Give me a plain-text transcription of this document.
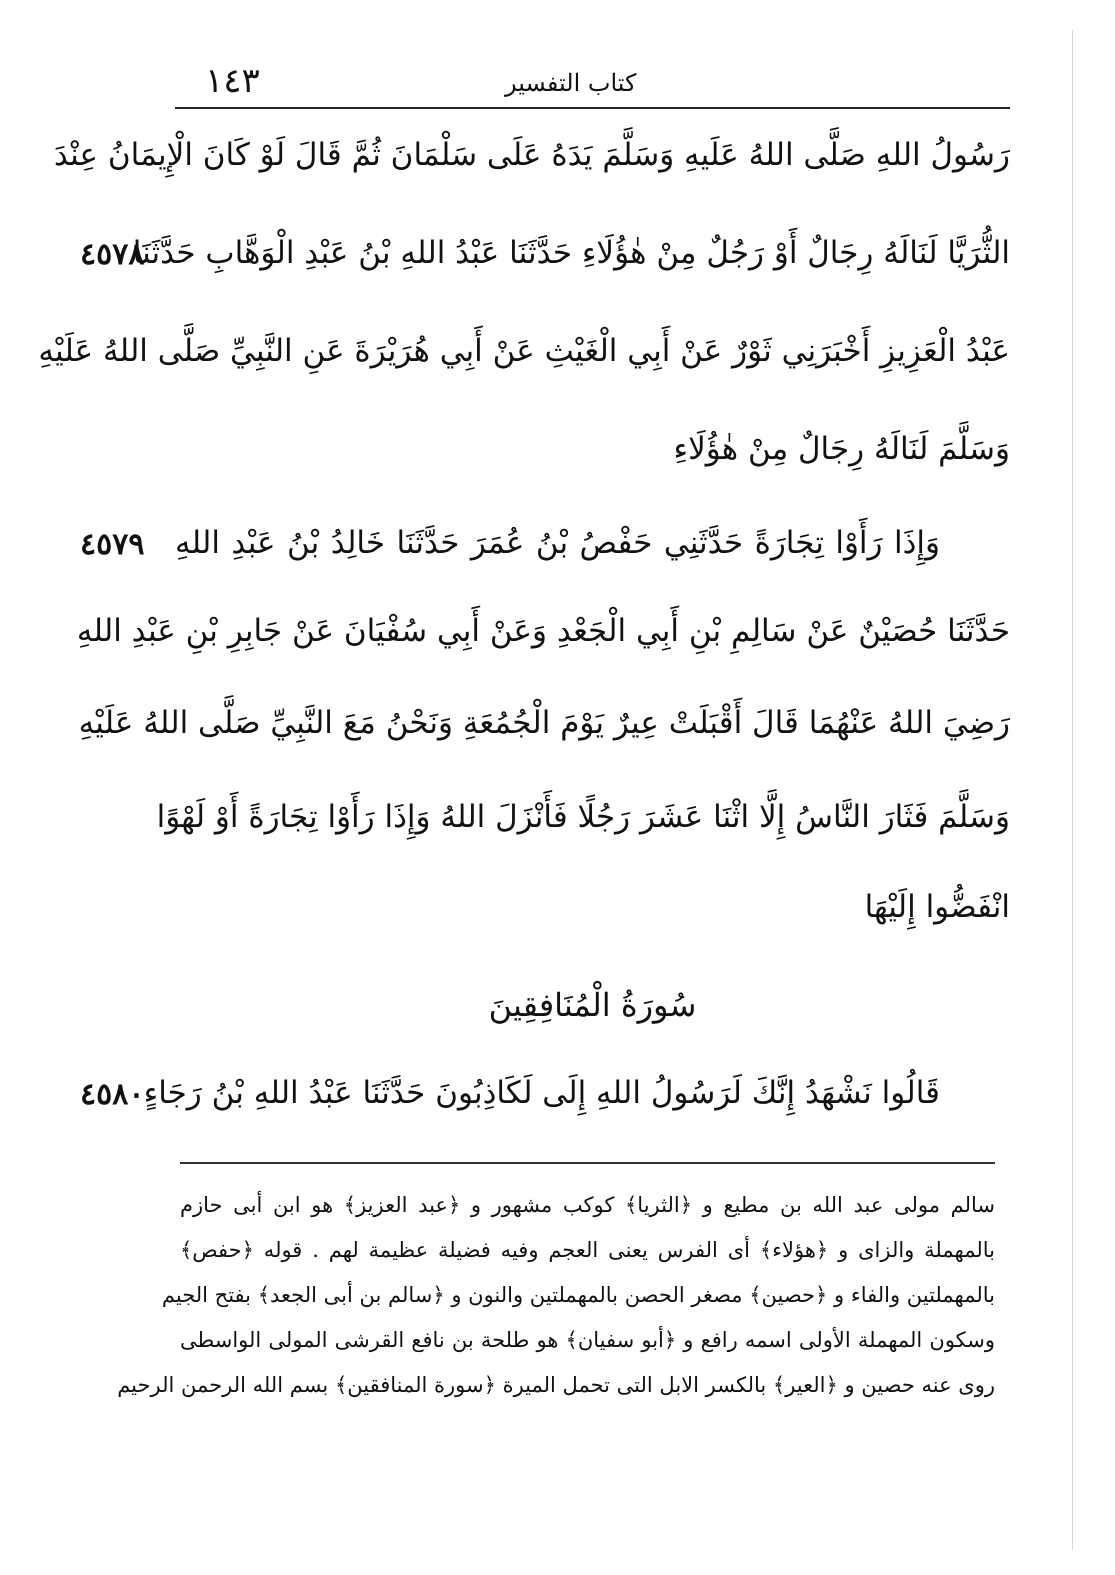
١٤٣	كتاب التفسير
رَسُولُ اللهِ صَلَّى اللهُ عَلَيهِ وَسَلَّمَ يَدَهُ عَلَى سَلْمَانَ ثُمَّ قَالَ لَوْ كَانَ الْإِيمَانُ عِنْدَ
٤٥٧٨
الثُّرَيَّا لَنَالَهُ رِجَالٌ أَوْ رَجُلٌ مِنْ هٰؤُلَاءِ حَدَّثَنَا عَبْدُ اللهِ بْنُ عَبْدِ الْوَهَّابِ حَدَّثَنَا
عَبْدُ الْعَزِيزِ أَخْبَرَنِي ثَوْرٌ عَنْ أَبِي الْغَيْثِ عَنْ أَبِي هُرَيْرَةَ عَنِ النَّبِيِّ صَلَّى اللهُ عَلَيْهِ
وَسَلَّمَ لَنَالَهُ رِجَالٌ مِنْ هٰؤُلَاءِ
٤٥٧٩ وَإِذَا رَأَوْا تِجَارَةً حَدَّثَنِي حَفْصُ بْنُ عُمَرَ حَدَّثَنَا خَالِدُ بْنُ عَبْدِ اللهِ
حَدَّثَنَا حُصَيْنٌ عَنْ سَالِمِ بْنِ أَبِي الْجَعْدِ وَعَنْ أَبِي سُفْيَانَ عَنْ جَابِرِ بْنِ عَبْدِ اللهِ
رَضِيَ اللهُ عَنْهُمَا قَالَ أَقْبَلَتْ عِيرٌ يَوْمَ الْجُمُعَةِ وَنَحْنُ مَعَ النَّبِيِّ صَلَّى اللهُ عَلَيْهِ
وَسَلَّمَ فَثَارَ النَّاسُ إِلَّا اثْنَا عَشَرَ رَجُلًا فَأَنْزَلَ اللهُ وَإِذَا رَأَوْا تِجَارَةً أَوْ لَهْوًا
انْفَضُّوا إِلَيْهَا
سُورَةُ الْمُنَافِقِينَ
٤٥٨٠ قَالُوا نَشْهَدُ إِنَّكَ لَرَسُولُ اللهِ إِلَى لَكَاذِبُونَ حَدَّثَنَا عَبْدُ اللهِ بْنُ رَجَاءٍ
سالم مولى عبد الله بن مطيع و ﴿الثريا﴾ كوكب مشهور و ﴿عبد العزيز﴾ هو ابن أبى حازم
بالمهملة والزاى و ﴿هؤلاء﴾ أى الفرس يعنى العجم وفيه فضيلة عظيمة لهم . قوله ﴿حفص﴾
بالمهملتين والفاء و ﴿حصين﴾ مصغر الحصن بالمهملتين والنون و ﴿سالم بن أبى الجعد﴾ بفتح الجيم
وسكون المهملة الأولى اسمه رافع و ﴿أبو سفيان﴾ هو طلحة بن نافع القرشى المولى الواسطى
روى عنه حصين و ﴿العير﴾ بالكسر الابل التى تحمل الميرة ﴿سورة المنافقين﴾ بسم الله الرحمن الرحيم
